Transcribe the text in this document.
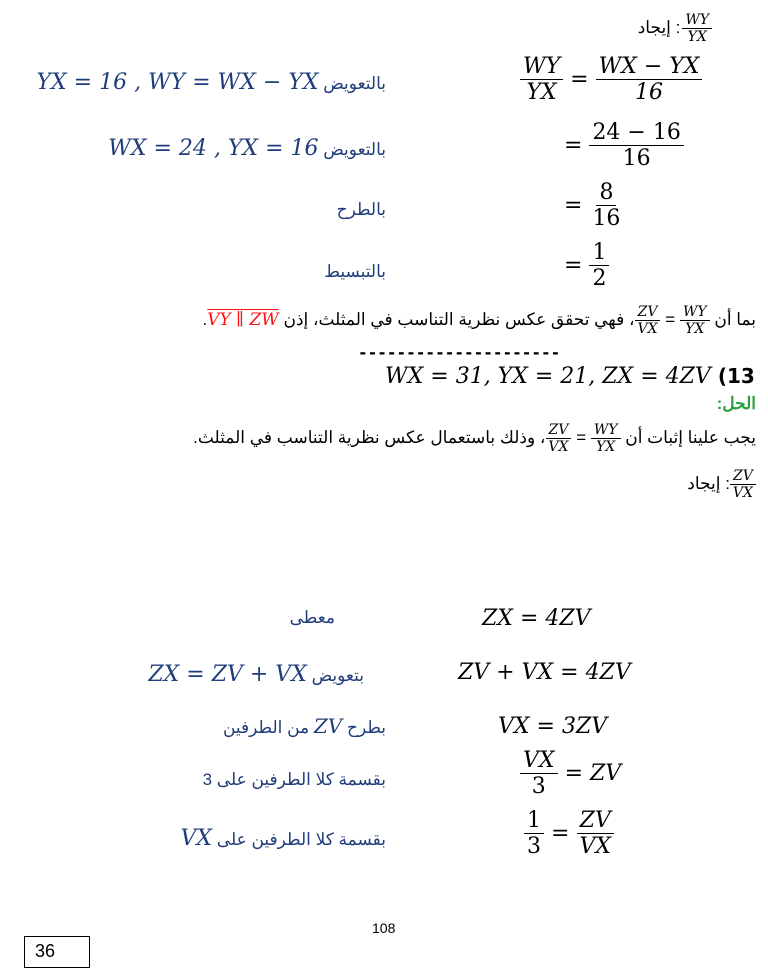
$\frac{WY}{YX}$
: إيجاد
$\frac{WY}{YX} = \frac{WX - YX}{16}$
بالتعويض YX = 16 , WY = WX − YX
= $\frac{24 - 16}{16}$
بالتعويض WX = 24 , YX = 16
= $\frac{8}{16}$
بالطرح
= $\frac{1}{2}$
بالتبسيط
بما أن
$\frac{ZV}{VX} = \frac{WY}{YX}$
، فهي تحقق عكس نظرية التناسب في المثلث، إذن VY ∥ ZW.
---------------------
WX = 31, YX = 21, ZX = 4ZV (13
الحل:
يجب علينا إثبات أن
$\frac{ZV}{VX} = \frac{WY}{YX}$
، وذلك باستعمال عكس نظرية التناسب في المثلث.
$\frac{ZV}{VX}$
: إيجاد
ZX = 4ZV
معطى
ZV + VX = 4ZV
بتعويض ZX = ZV + VX
VX = 3ZV
بطرح ZV من الطرفين
$\frac{VX}{3}$ = ZV
بقسمة كلا الطرفين على 3
$\frac{1}{3} = \frac{ZV}{VX}$
بقسمة كلا الطرفين على VX
108
36
